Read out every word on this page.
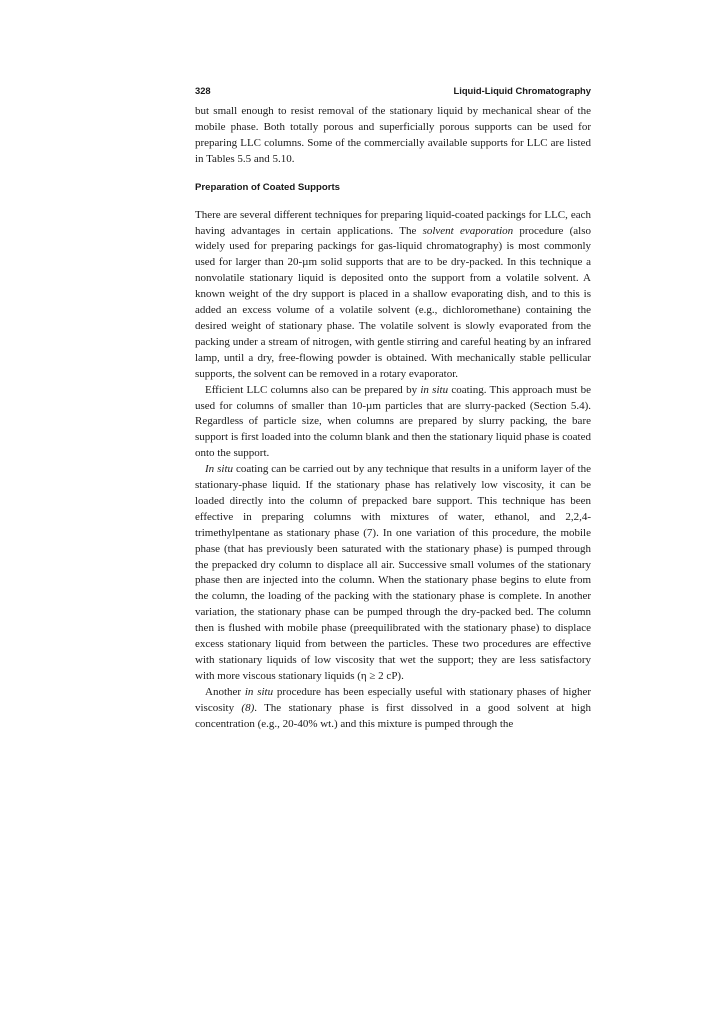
328	Liquid-Liquid Chromatography

but small enough to resist removal of the stationary liquid by mechanical shear of the mobile phase. Both totally porous and superficially porous supports can be used for preparing LLC columns. Some of the commercially available supports for LLC are listed in Tables 5.5 and 5.10.

Preparation of Coated Supports

There are several different techniques for preparing liquid-coated packings for LLC, each having advantages in certain applications. The solvent evaporation procedure (also widely used for preparing packings for gas-liquid chromatography) is most commonly used for larger than 20-µm solid supports that are to be dry-packed. In this technique a nonvolatile stationary liquid is deposited onto the support from a volatile solvent. A known weight of the dry support is placed in a shallow evaporating dish, and to this is added an excess volume of a volatile solvent (e.g., dichloromethane) containing the desired weight of stationary phase. The volatile solvent is slowly evaporated from the packing under a stream of nitrogen, with gentle stirring and careful heating by an infrared lamp, until a dry, free-flowing powder is obtained. With mechanically stable pellicular supports, the solvent can be removed in a rotary evaporator.

Efficient LLC columns also can be prepared by in situ coating. This approach must be used for columns of smaller than 10-µm particles that are slurry-packed (Section 5.4). Regardless of particle size, when columns are prepared by slurry packing, the bare support is first loaded into the column blank and then the stationary liquid phase is coated onto the support.

In situ coating can be carried out by any technique that results in a uniform layer of the stationary-phase liquid. If the stationary phase has relatively low viscosity, it can be loaded directly into the column of prepacked bare support. This technique has been effective in preparing columns with mixtures of water, ethanol, and 2,2,4-trimethylpentane as stationary phase (7). In one variation of this procedure, the mobile phase (that has previously been saturated with the stationary phase) is pumped through the prepacked dry column to displace all air. Successive small volumes of the stationary phase then are injected into the column. When the stationary phase begins to elute from the column, the loading of the packing with the stationary phase is complete. In another variation, the stationary phase can be pumped through the dry-packed bed. The column then is flushed with mobile phase (preequilibrated with the stationary phase) to displace excess stationary liquid from between the particles. These two procedures are effective with stationary liquids of low viscosity that wet the support; they are less satisfactory with more viscous stationary liquids (η ≥ 2 cP).

Another in situ procedure has been especially useful with stationary phases of higher viscosity (8). The stationary phase is first dissolved in a good solvent at high concentration (e.g., 20-40% wt.) and this mixture is pumped through the
